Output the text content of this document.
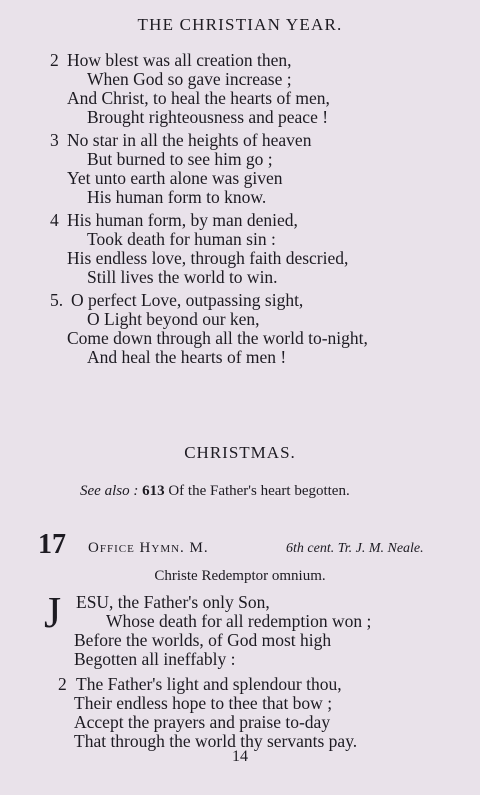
THE CHRISTIAN YEAR.
2 How blest was all creation then,
When God so gave increase ;
And Christ, to heal the hearts of men,
Brought righteousness and peace !
3 No star in all the heights of heaven
But burned to see him go ;
Yet unto earth alone was given
His human form to know.
4 His human form, by man denied,
Took death for human sin :
His endless love, through faith descried,
Still lives the world to win.
5. O perfect Love, outpassing sight,
O Light beyond our ken,
Come down through all the world to-night,
And heal the hearts of men !
CHRISTMAS.
See also : 613 Of the Father's heart begotten.
17 Office Hymn. M.	6th cent. Tr. J. M. Neale.
Christe Redemptor omnium.
J ESU, the Father's only Son,
Whose death for all redemption won ;
Before the worlds, of God most high
Begotten all ineffably :
2 The Father's light and splendour thou,
Their endless hope to thee that bow ;
Accept the prayers and praise to-day
That through the world thy servants pay.
14
